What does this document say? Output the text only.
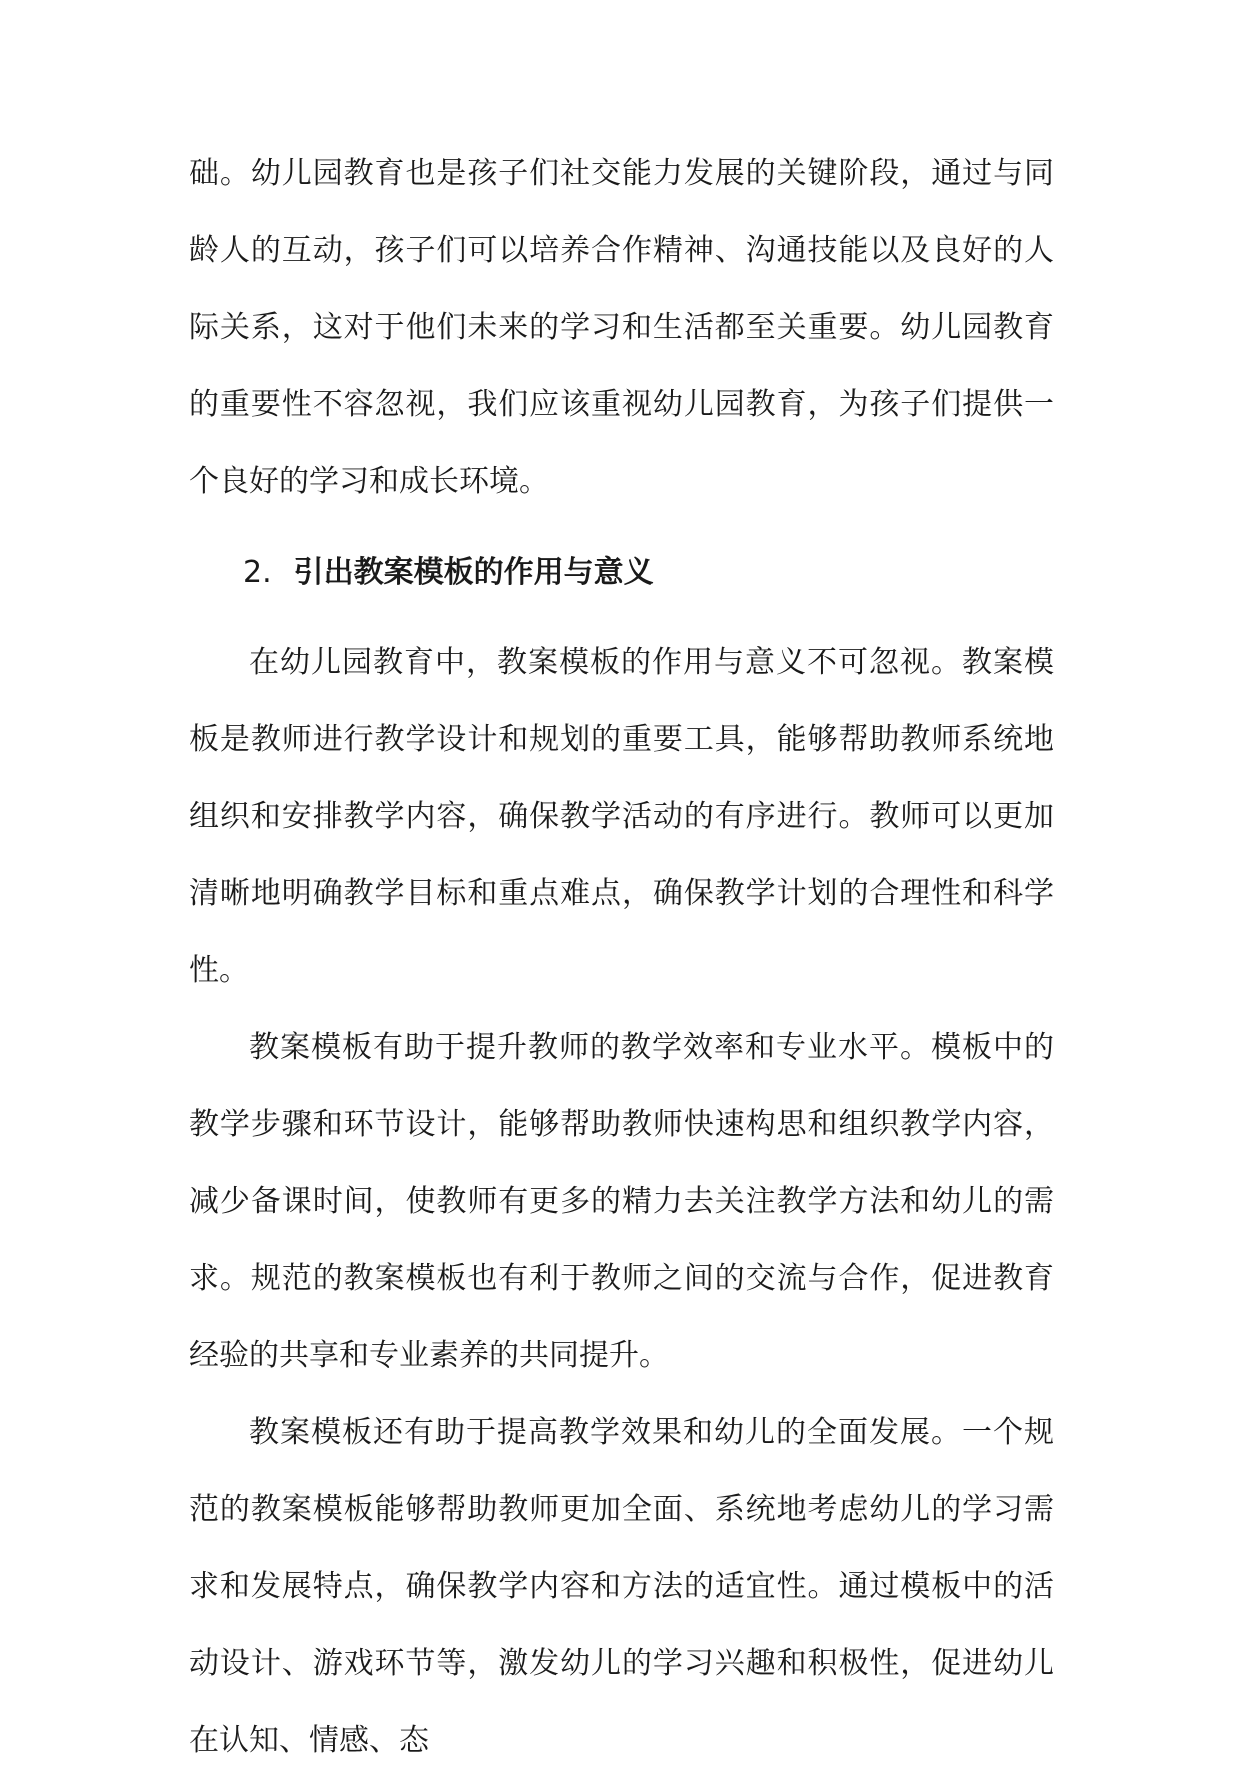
础。幼儿园教育也是孩子们社交能力发展的关键阶段，通过与同龄人的互动，孩子们可以培养合作精神、沟通技能以及良好的人际关系，这对于他们未来的学习和生活都至关重要。幼儿园教育的重要性不容忽视，我们应该重视幼儿园教育，为孩子们提供一个良好的学习和成长环境。

2. 引出教案模板的作用与意义

在幼儿园教育中，教案模板的作用与意义不可忽视。教案模板是教师进行教学设计和规划的重要工具，能够帮助教师系统地组织和安排教学内容，确保教学活动的有序进行。教师可以更加清晰地明确教学目标和重点难点，确保教学计划的合理性和科学性。

教案模板有助于提升教师的教学效率和专业水平。模板中的教学步骤和环节设计，能够帮助教师快速构思和组织教学内容，减少备课时间，使教师有更多的精力去关注教学方法和幼儿的需求。规范的教案模板也有利于教师之间的交流与合作，促进教育经验的共享和专业素养的共同提升。

教案模板还有助于提高教学效果和幼儿的全面发展。一个规范的教案模板能够帮助教师更加全面、系统地考虑幼儿的学习需求和发展特点，确保教学内容和方法的适宜性。通过模板中的活动设计、游戏环节等，激发幼儿的学习兴趣和积极性，促进幼儿在认知、情感、态
